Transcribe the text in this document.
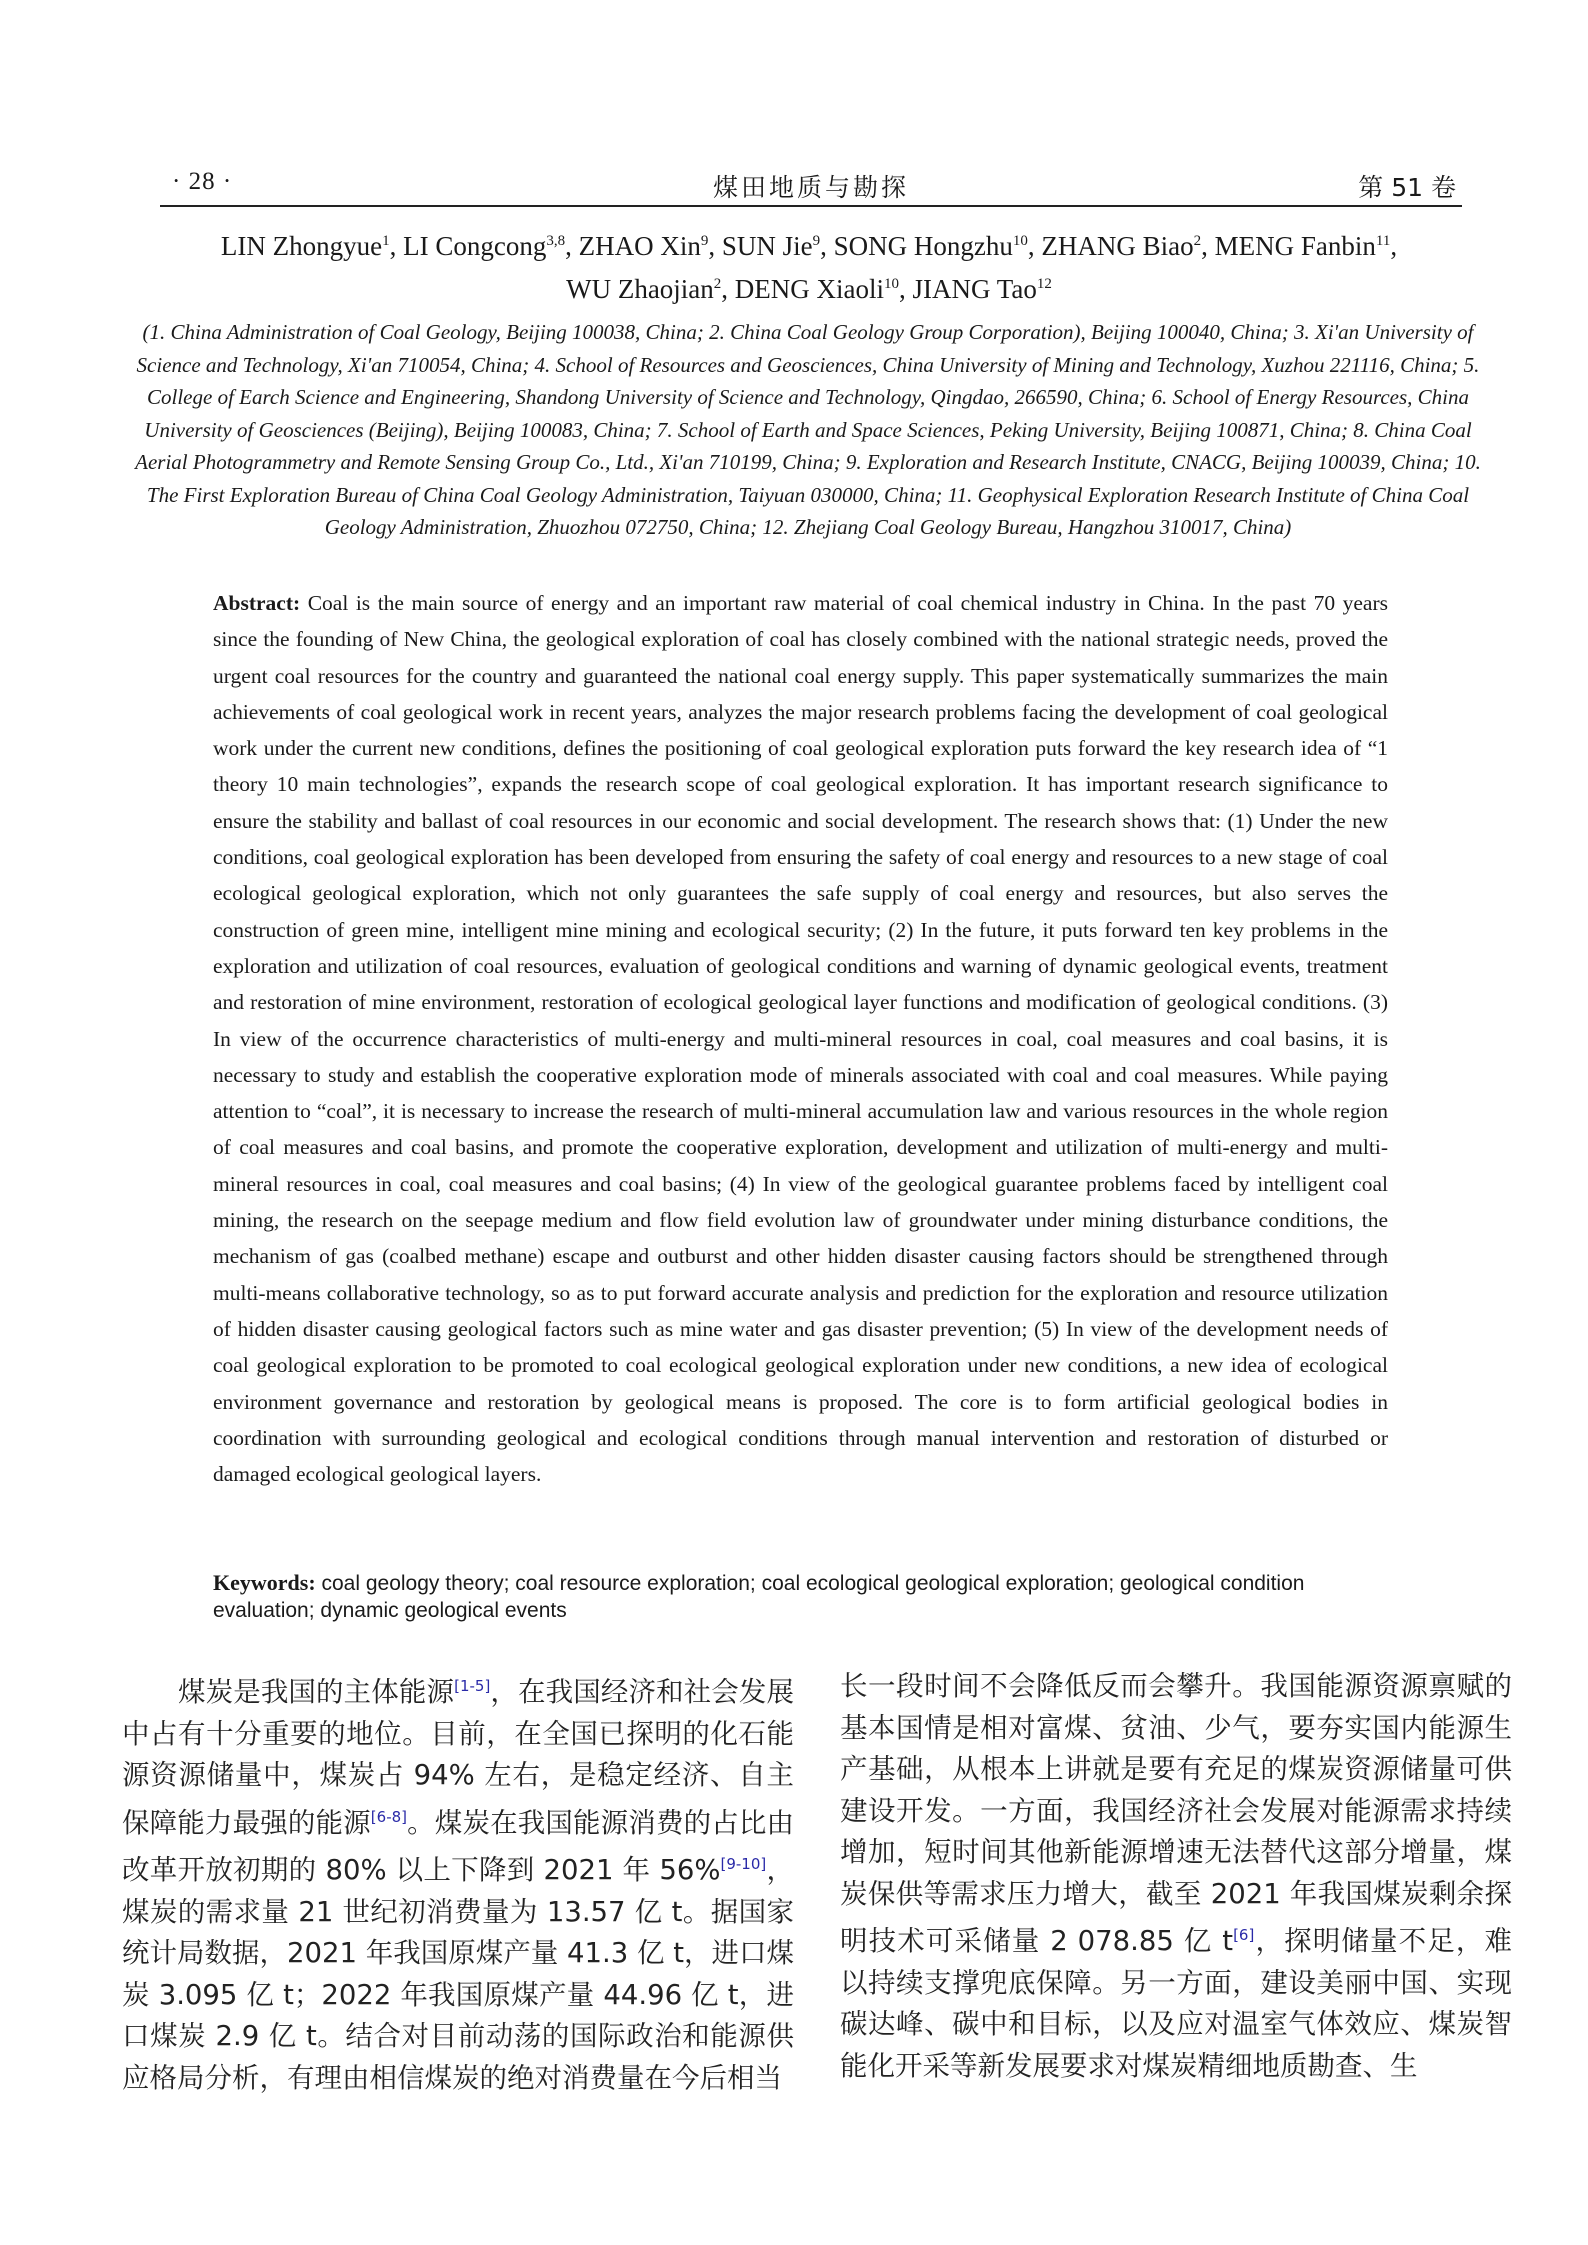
· 28 ·	煤田地质与勘探	第 51 卷
LIN Zhongyue$^1$, LI Congcong$^{3,8}$, ZHAO Xin$^9$, SUN Jie$^9$, SONG Hongzhu$^{10}$, ZHANG Biao$^2$, MENG Fanbin$^{11}$,
WU Zhaojian$^2$, DENG Xiaoli$^{10}$, JIANG Tao$^{12}$
(1. China Administration of Coal Geology, Beijing 100038, China; 2. China Coal Geology Group Corporation), Beijing 100040, China; 3. Xi'an University of Science and Technology, Xi'an 710054, China; 4. School of Resources and Geosciences, China University of Mining and Technology, Xuzhou 221116, China; 5. College of Earch Science and Engineering, Shandong University of Science and Technology, Qingdao, 266590, China; 6. School of Energy Resources, China University of Geosciences (Beijing), Beijing 100083, China; 7. School of Earth and Space Sciences, Peking University, Beijing 100871, China; 8. China Coal Aerial Photogrammetry and Remote Sensing Group Co., Ltd., Xi'an 710199, China; 9. Exploration and Research Institute, CNACG, Beijing 100039, China; 10. The First Exploration Bureau of China Coal Geology Administration, Taiyuan 030000, China; 11. Geophysical Exploration Research Institute of China Coal Geology Administration, Zhuozhou 072750, China; 12. Zhejiang Coal Geology Bureau, Hangzhou 310017, China)
Abstract: Coal is the main source of energy and an important raw material of coal chemical industry in China. In the past 70 years since the founding of New China, the geological exploration of coal has closely combined with the national strategic needs, proved the urgent coal resources for the country and guaranteed the national coal energy supply. This paper systematically summarizes the main achievements of coal geological work in recent years, analyzes the major research problems facing the development of coal geological work under the current new conditions, defines the positioning of coal geological exploration puts forward the key research idea of “1 theory 10 main technologies”, expands the research scope of coal geological exploration. It has important research significance to ensure the stability and ballast of coal resources in our economic and social development. The research shows that: (1) Under the new conditions, coal geological exploration has been developed from ensuring the safety of coal energy and resources to a new stage of coal ecological geological exploration, which not only guarantees the safe supply of coal energy and resources, but also serves the construction of green mine, intelligent mine mining and ecological security; (2) In the future, it puts forward ten key problems in the exploration and utilization of coal resources, evaluation of geological conditions and warning of dynamic geological events, treatment and restoration of mine environment, restoration of ecological geological layer functions and modification of geological conditions. (3) In view of the occurrence characteristics of multi-energy and multi-mineral resources in coal, coal measures and coal basins, it is necessary to study and establish the cooperative exploration mode of minerals associated with coal and coal measures. While paying attention to “coal”, it is necessary to increase the research of multi-mineral accumulation law and various resources in the whole region of coal measures and coal basins, and promote the cooperative exploration, development and utilization of multi-energy and multi-mineral resources in coal, coal measures and coal basins; (4) In view of the geological guarantee problems faced by intelligent coal mining, the research on the seepage medium and flow field evolution law of groundwater under mining disturbance conditions, the mechanism of gas (coalbed methane) escape and outburst and other hidden disaster causing factors should be strengthened through multi-means collaborative technology, so as to put forward accurate analysis and prediction for the exploration and resource utilization of hidden disaster causing geological factors such as mine water and gas disaster prevention; (5) In view of the development needs of coal geological exploration to be promoted to coal ecological geological exploration under new conditions, a new idea of ecological environment governance and restoration by geological means is proposed. The core is to form artificial geological bodies in coordination with surrounding geological and ecological conditions through manual intervention and restoration of disturbed or damaged ecological geological layers.
Keywords: coal geology theory; coal resource exploration; coal ecological geological exploration; geological condition evaluation; dynamic geological events

煤炭是我国的主体能源[1-5]，在我国经济和社会发展中占有十分重要的地位。目前，在全国已探明的化石能源资源储量中，煤炭占 94% 左右，是稳定经济、自主保障能力最强的能源[6-8]。煤炭在我国能源消费的占比由改革开放初期的 80% 以上下降到 2021 年 56%[9-10]，煤炭的需求量 21 世纪初消费量为 13.57 亿 t。据国家统计局数据，2021 年我国原煤产量 41.3 亿 t，进口煤炭 3.095 亿 t；2022 年我国原煤产量 44.96 亿 t，进口煤炭 2.9 亿 t。结合对目前动荡的国际政治和能源供应格局分析，有理由相信煤炭的绝对消费量在今后相当

长一段时间不会降低反而会攀升。我国能源资源禀赋的基本国情是相对富煤、贫油、少气，要夯实国内能源生产基础，从根本上讲就是要有充足的煤炭资源储量可供建设开发。一方面，我国经济社会发展对能源需求持续增加，短时间其他新能源增速无法替代这部分增量，煤炭保供等需求压力增大，截至 2021 年我国煤炭剩余探明技术可采储量 2 078.85 亿 t[6]，探明储量不足，难以持续支撑兜底保障。另一方面，建设美丽中国、实现碳达峰、碳中和目标，以及应对温室气体效应、煤炭智能化开采等新发展要求对煤炭精细地质勘查、生
